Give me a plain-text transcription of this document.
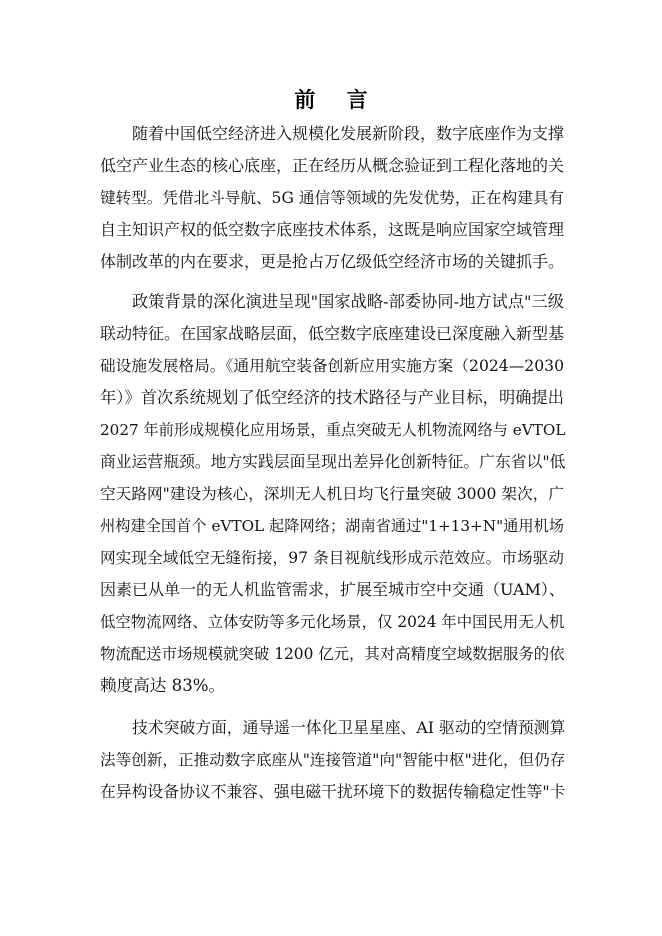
前 言
随着中国低空经济进入规模化发展新阶段，数字底座作为支撑
低空产业生态的核心底座，正在经历从概念验证到工程化落地的关
键转型。凭借北斗导航、5G 通信等领域的先发优势，正在构建具有
自主知识产权的低空数字底座技术体系，这既是响应国家空域管理
体制改革的内在要求，更是抢占万亿级低空经济市场的关键抓手。
政策背景的深化演进呈现"国家战略-部委协同-地方试点"三级
联动特征。在国家战略层面，低空数字底座建设已深度融入新型基
础设施发展格局。《通用航空装备创新应用实施方案（2024—2030
年）》首次系统规划了低空经济的技术路径与产业目标，明确提出
2027 年前形成规模化应用场景，重点突破无人机物流网络与 eVTOL
商业运营瓶颈。地方实践层面呈现出差异化创新特征。广东省以"低
空天路网"建设为核心，深圳无人机日均飞行量突破 3000 架次，广
州构建全国首个 eVTOL 起降网络；湖南省通过"1+13+N"通用机场
网实现全域低空无缝衔接，97 条目视航线形成示范效应。市场驱动
因素已从单一的无人机监管需求，扩展至城市空中交通（UAM）、
低空物流网络、立体安防等多元化场景，仅 2024 年中国民用无人机
物流配送市场规模就突破 1200 亿元，其对高精度空域数据服务的依
赖度高达 83%。
技术突破方面，通导遥一体化卫星星座、AI 驱动的空情预测算
法等创新，正推动数字底座从"连接管道"向"智能中枢"进化，但仍存
在异构设备协议不兼容、强电磁干扰环境下的数据传输稳定性等"卡
